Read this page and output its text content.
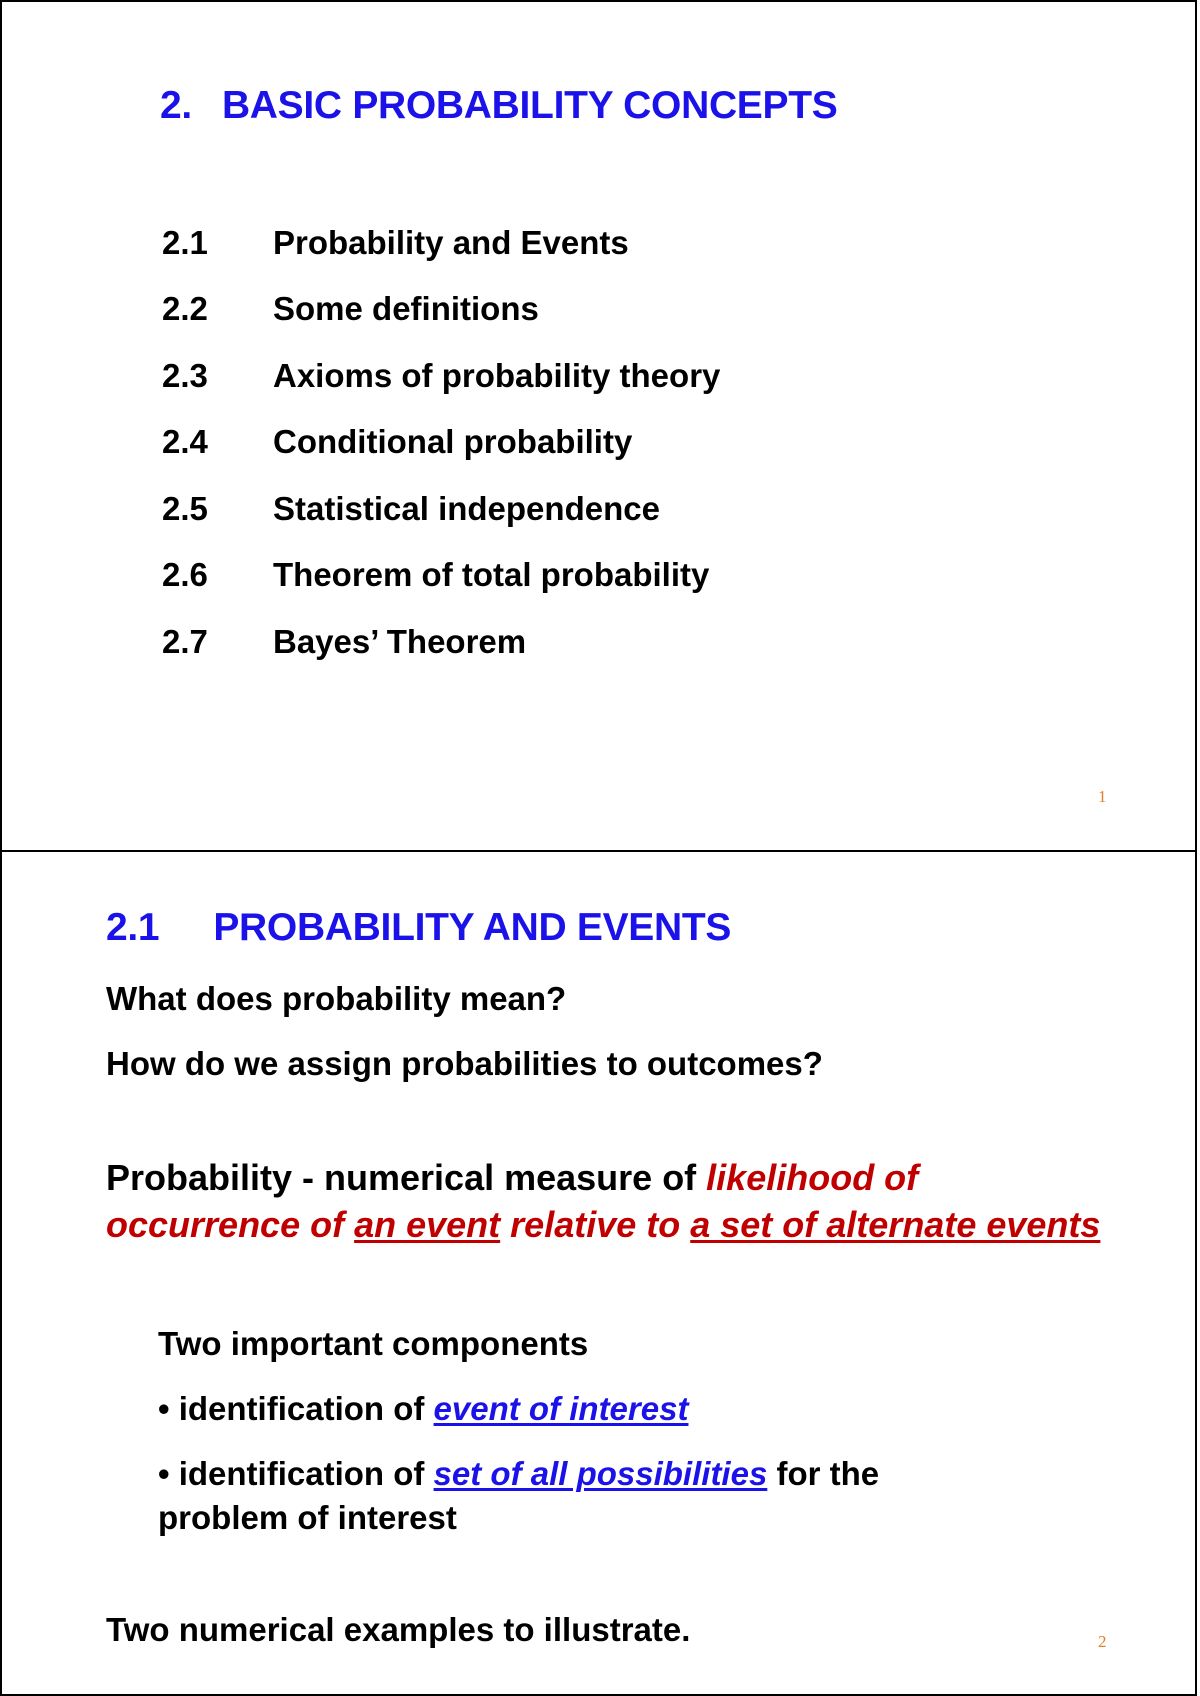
2. BASIC PROBABILITY CONCEPTS
2.1 Probability and Events
2.2 Some definitions
2.3 Axioms of probability theory
2.4 Conditional probability
2.5 Statistical independence
2.6 Theorem of total probability
2.7 Bayes’ Theorem
1
2.1 PROBABILITY AND EVENTS
What does probability mean?
How do we assign probabilities to outcomes?
Probability - numerical measure of likelihood of occurrence of an event relative to a set of alternate events
Two important components
• identification of event of interest
• identification of set of all possibilities for the problem of interest
Two numerical examples to illustrate.	2
